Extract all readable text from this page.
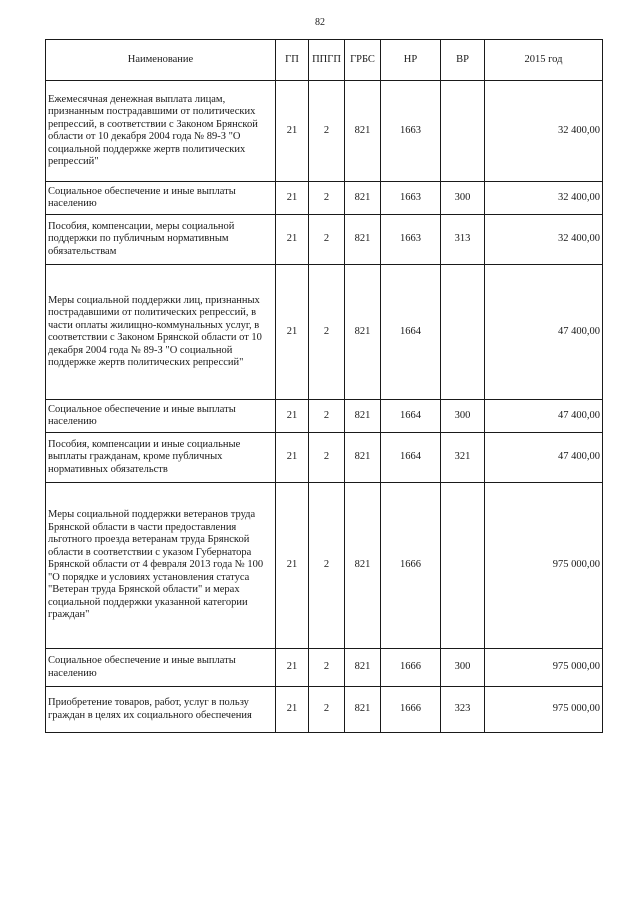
82
Наименование	ГП	ППГП	ГРБС	НР	ВР	2015 год
Ежемесячная денежная выплата лицам, признанным пострадавшими от политических репрессий, в соответствии с Законом Брянской области от 10 декабря 2004 года № 89-З "О социальной поддержке жертв политических репрессий"	21	2	821	1663		32 400,00
Социальное обеспечение и иные выплаты населению	21	2	821	1663	300	32 400,00
Пособия, компенсации, меры социальной поддержки по публичным нормативным обязательствам	21	2	821	1663	313	32 400,00
Меры социальной поддержки лиц, признанных пострадавшими от политических репрессий, в части оплаты жилищно-коммунальных услуг, в соответствии с Законом Брянской области от 10 декабря 2004 года № 89-З "О социальной поддержке жертв политических репрессий"	21	2	821	1664		47 400,00
Социальное обеспечение и иные выплаты населению	21	2	821	1664	300	47 400,00
Пособия, компенсации и иные социальные выплаты гражданам, кроме публичных нормативных обязательств	21	2	821	1664	321	47 400,00
Меры социальной поддержки ветеранов труда Брянской области в части предоставления льготного проезда ветеранам труда Брянской области в соответствии с указом Губернатора Брянской области от 4 февраля 2013 года № 100 "О порядке и условиях установления статуса "Ветеран труда Брянской области" и мерах социальной поддержки указанной категории граждан"	21	2	821	1666		975 000,00
Социальное обеспечение и иные выплаты населению	21	2	821	1666	300	975 000,00
Приобретение товаров, работ, услуг в пользу граждан в целях их социального обеспечения	21	2	821	1666	323	975 000,00
